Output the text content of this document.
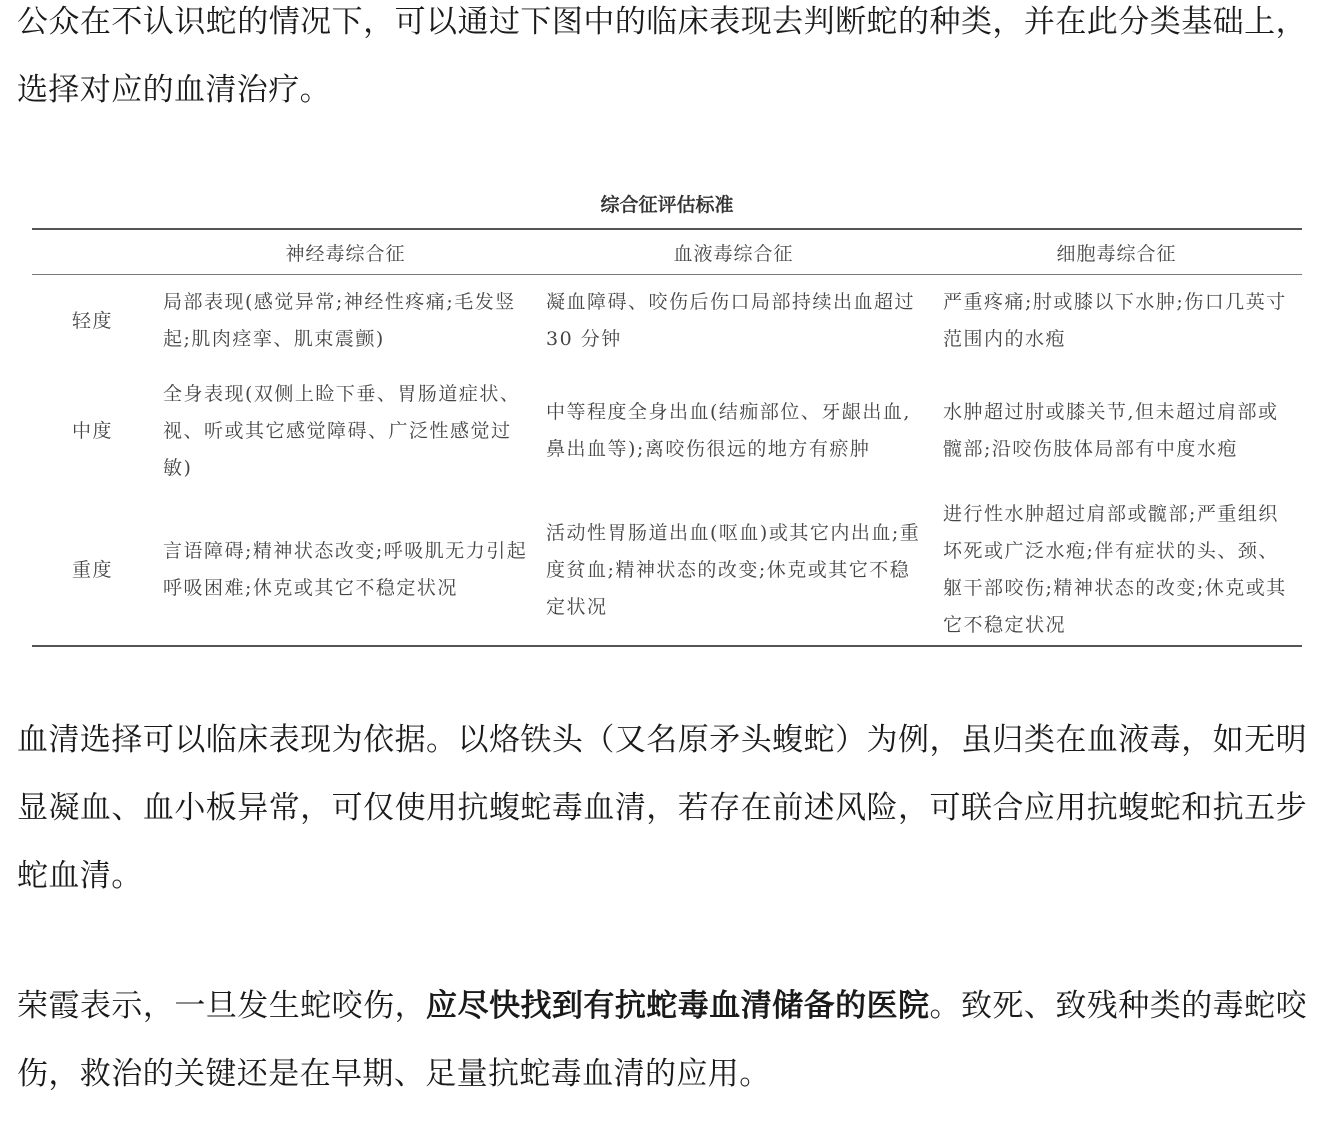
公众在不认识蛇的情况下，可以通过下图中的临床表现去判断蛇的种类，并在此分类基础上，选择对应的血清治疗。

综合征评估标准
	神经毒综合征	血液毒综合征	细胞毒综合征
轻度	局部表现(感觉异常;神经性疼痛;毛发竖起;肌肉痉挛、肌束震颤)	凝血障碍、咬伤后伤口局部持续出血超过 30 分钟	严重疼痛;肘或膝以下水肿;伤口几英寸范围内的水疱
中度	全身表现(双侧上睑下垂、胃肠道症状、视、听或其它感觉障碍、广泛性感觉过敏)	中等程度全身出血(结痂部位、牙龈出血,鼻出血等);离咬伤很远的地方有瘀肿	水肿超过肘或膝关节,但未超过肩部或髋部;沿咬伤肢体局部有中度水疱
重度	言语障碍;精神状态改变;呼吸肌无力引起呼吸困难;休克或其它不稳定状况	活动性胃肠道出血(呕血)或其它内出血;重度贫血;精神状态的改变;休克或其它不稳定状况	进行性水肿超过肩部或髋部;严重组织坏死或广泛水疱;伴有症状的头、颈、躯干部咬伤;精神状态的改变;休克或其它不稳定状况

血清选择可以临床表现为依据。以烙铁头（又名原矛头蝮蛇）为例，虽归类在血液毒，如无明显凝血、血小板异常，可仅使用抗蝮蛇毒血清，若存在前述风险，可联合应用抗蝮蛇和抗五步蛇血清。

荣霞表示，一旦发生蛇咬伤，应尽快找到有抗蛇毒血清储备的医院。致死、致残种类的毒蛇咬伤，救治的关键还是在早期、足量抗蛇毒血清的应用。
